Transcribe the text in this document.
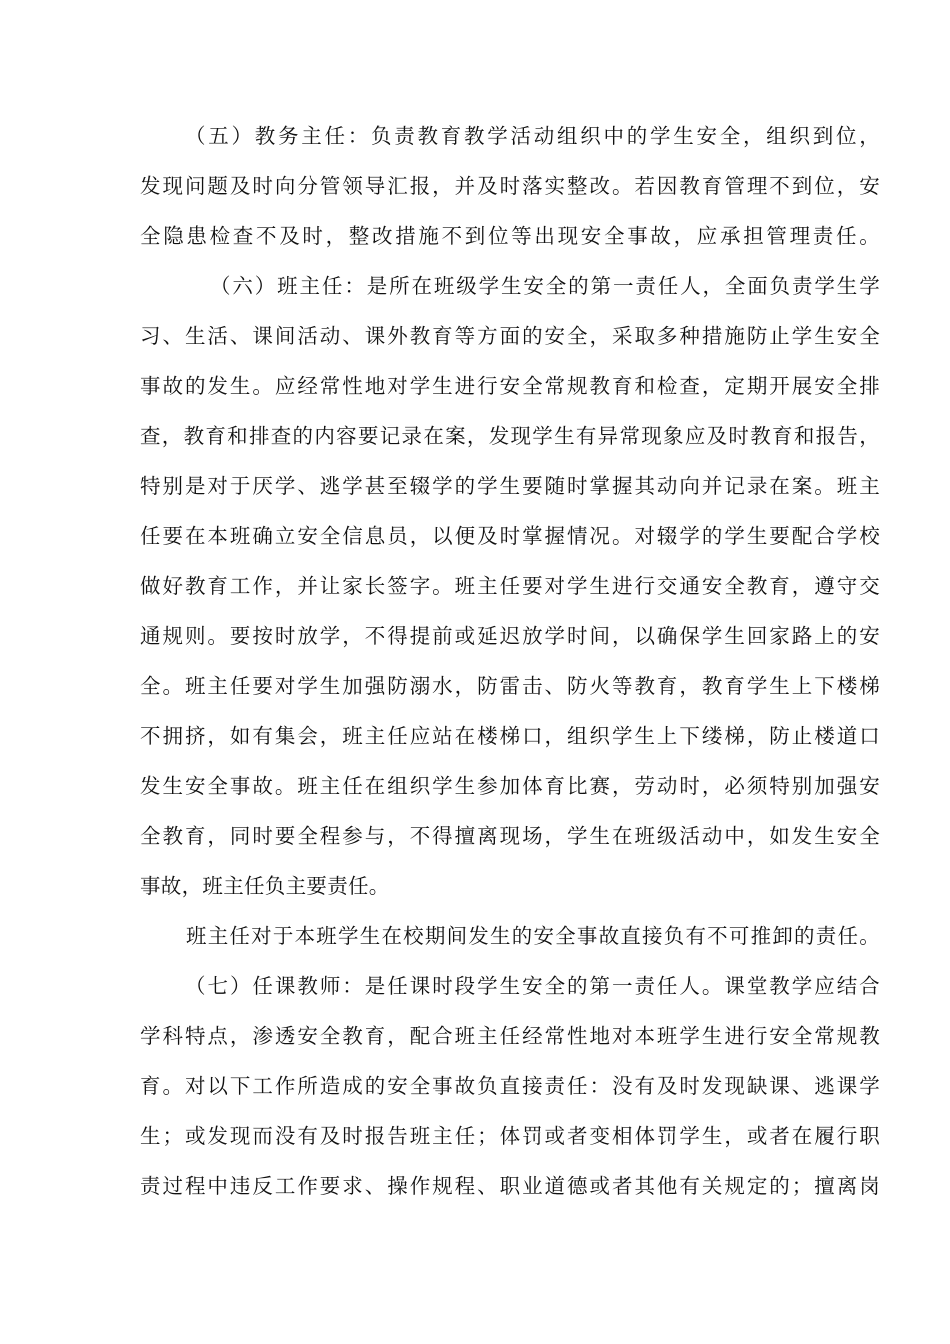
（五）教务主任：负责教育教学活动组织中的学生安全，组织到位，
发现问题及时向分管领导汇报，并及时落实整改。若因教育管理不到位，安
全隐患检查不及时，整改措施不到位等出现安全事故，应承担管理责任。
（六）班主任：是所在班级学生安全的第一责任人，全面负责学生学
习、生活、课间活动、课外教育等方面的安全，采取多种措施防止学生安全
事故的发生。应经常性地对学生进行安全常规教育和检查，定期开展安全排
查，教育和排查的内容要记录在案，发现学生有异常现象应及时教育和报告，
特别是对于厌学、逃学甚至辍学的学生要随时掌握其动向并记录在案。班主
任要在本班确立安全信息员，以便及时掌握情况。对辍学的学生要配合学校
做好教育工作，并让家长签字。班主任要对学生进行交通安全教育，遵守交
通规则。要按时放学，不得提前或延迟放学时间，以确保学生回家路上的安
全。班主任要对学生加强防溺水，防雷击、防火等教育，教育学生上下楼梯
不拥挤，如有集会，班主任应站在楼梯口，组织学生上下缕梯，防止楼道口
发生安全事故。班主任在组织学生参加体育比赛，劳动时，必须特别加强安
全教育，同时要全程参与，不得擅离现场，学生在班级活动中，如发生安全
事故，班主任负主要责任。
班主任对于本班学生在校期间发生的安全事故直接负有不可推卸的责任。
（七）任课教师：是任课时段学生安全的第一责任人。课堂教学应结合
学科特点，渗透安全教育，配合班主任经常性地对本班学生进行安全常规教
育。对以下工作所造成的安全事故负直接责任：没有及时发现缺课、逃课学
生；或发现而没有及时报告班主任；体罚或者变相体罚学生，或者在履行职
责过程中违反工作要求、操作规程、职业道德或者其他有关规定的；擅离岗
